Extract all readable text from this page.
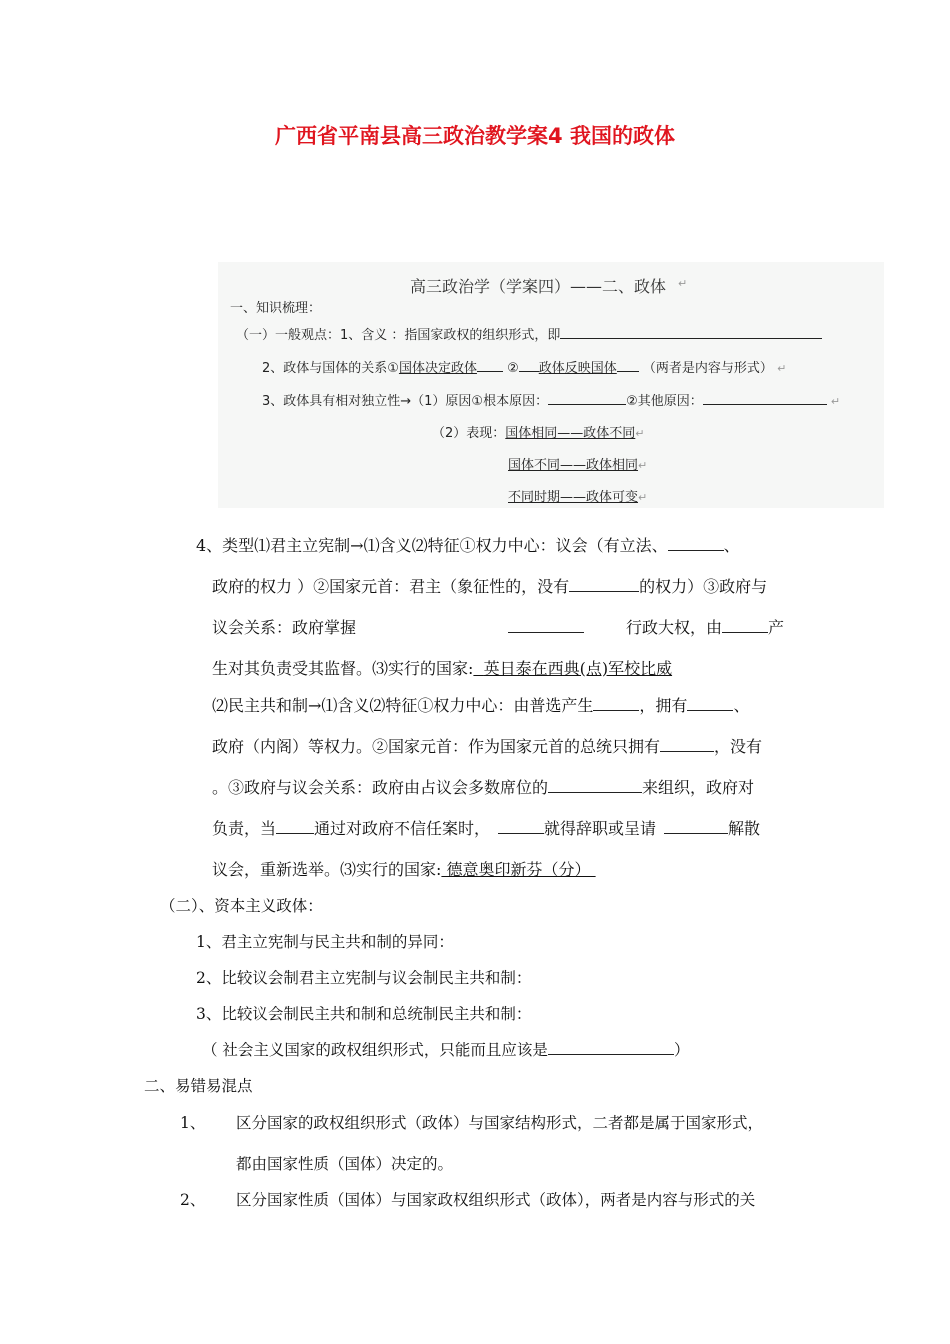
广西省平南县高三政治教学案4 我国的政体
高三政治学（学案四）——二、政体 ↵
一、知识梳理：
（一）一般观点：1、含义 ：指国家政权的组织形式，即
2、政体与国体的关系①国体决定政体 ② 政体反映国体 （两者是内容与形式） ↵
3、政体具有相对独立性→（1）原因①根本原因：	②其他原因：	↵
（2）表现：国体相同——政体不同↵
国体不同——政体相同↵
不同时期——政体可变↵
4、类型⑴君主立宪制→⑴含义⑵特征①权力中心：议会（有立法、	、
政府的权力 ）②国家元首：君主（象征性的，没有	的权力）③政府与
议会关系：政府掌握	行政大权，由	产
生对其负责受其监督。⑶实行的国家: 英日泰在西典(点)军校比威
⑵民主共和制→⑴含义⑵特征①权力中心：由普选产生	，拥有	、
政府（内阁）等权力。②国家元首：作为国家元首的总统只拥有	，没有
。③政府与议会关系：政府由占议会多数席位的	来组织，政府对
负责，当 通过对政府不信任案时，	就得辞职或呈请	解散
议会，重新选举。⑶实行的国家: 德意奥印新芬（分）
（二）、资本主义政体：
1、君主立宪制与民主共和制的异同：
2、比较议会制君主立宪制与议会制民主共和制：
3、比较议会制民主共和制和总统制民主共和制：
（ 社会主义国家的政权组织形式，只能而且应该是	）
二、易错易混点
1、 区分国家的政权组织形式（政体）与国家结构形式，二者都是属于国家形式，
都由国家性质（国体）决定的。
2、 区分国家性质（国体）与国家政权组织形式（政体），两者是内容与形式的关
